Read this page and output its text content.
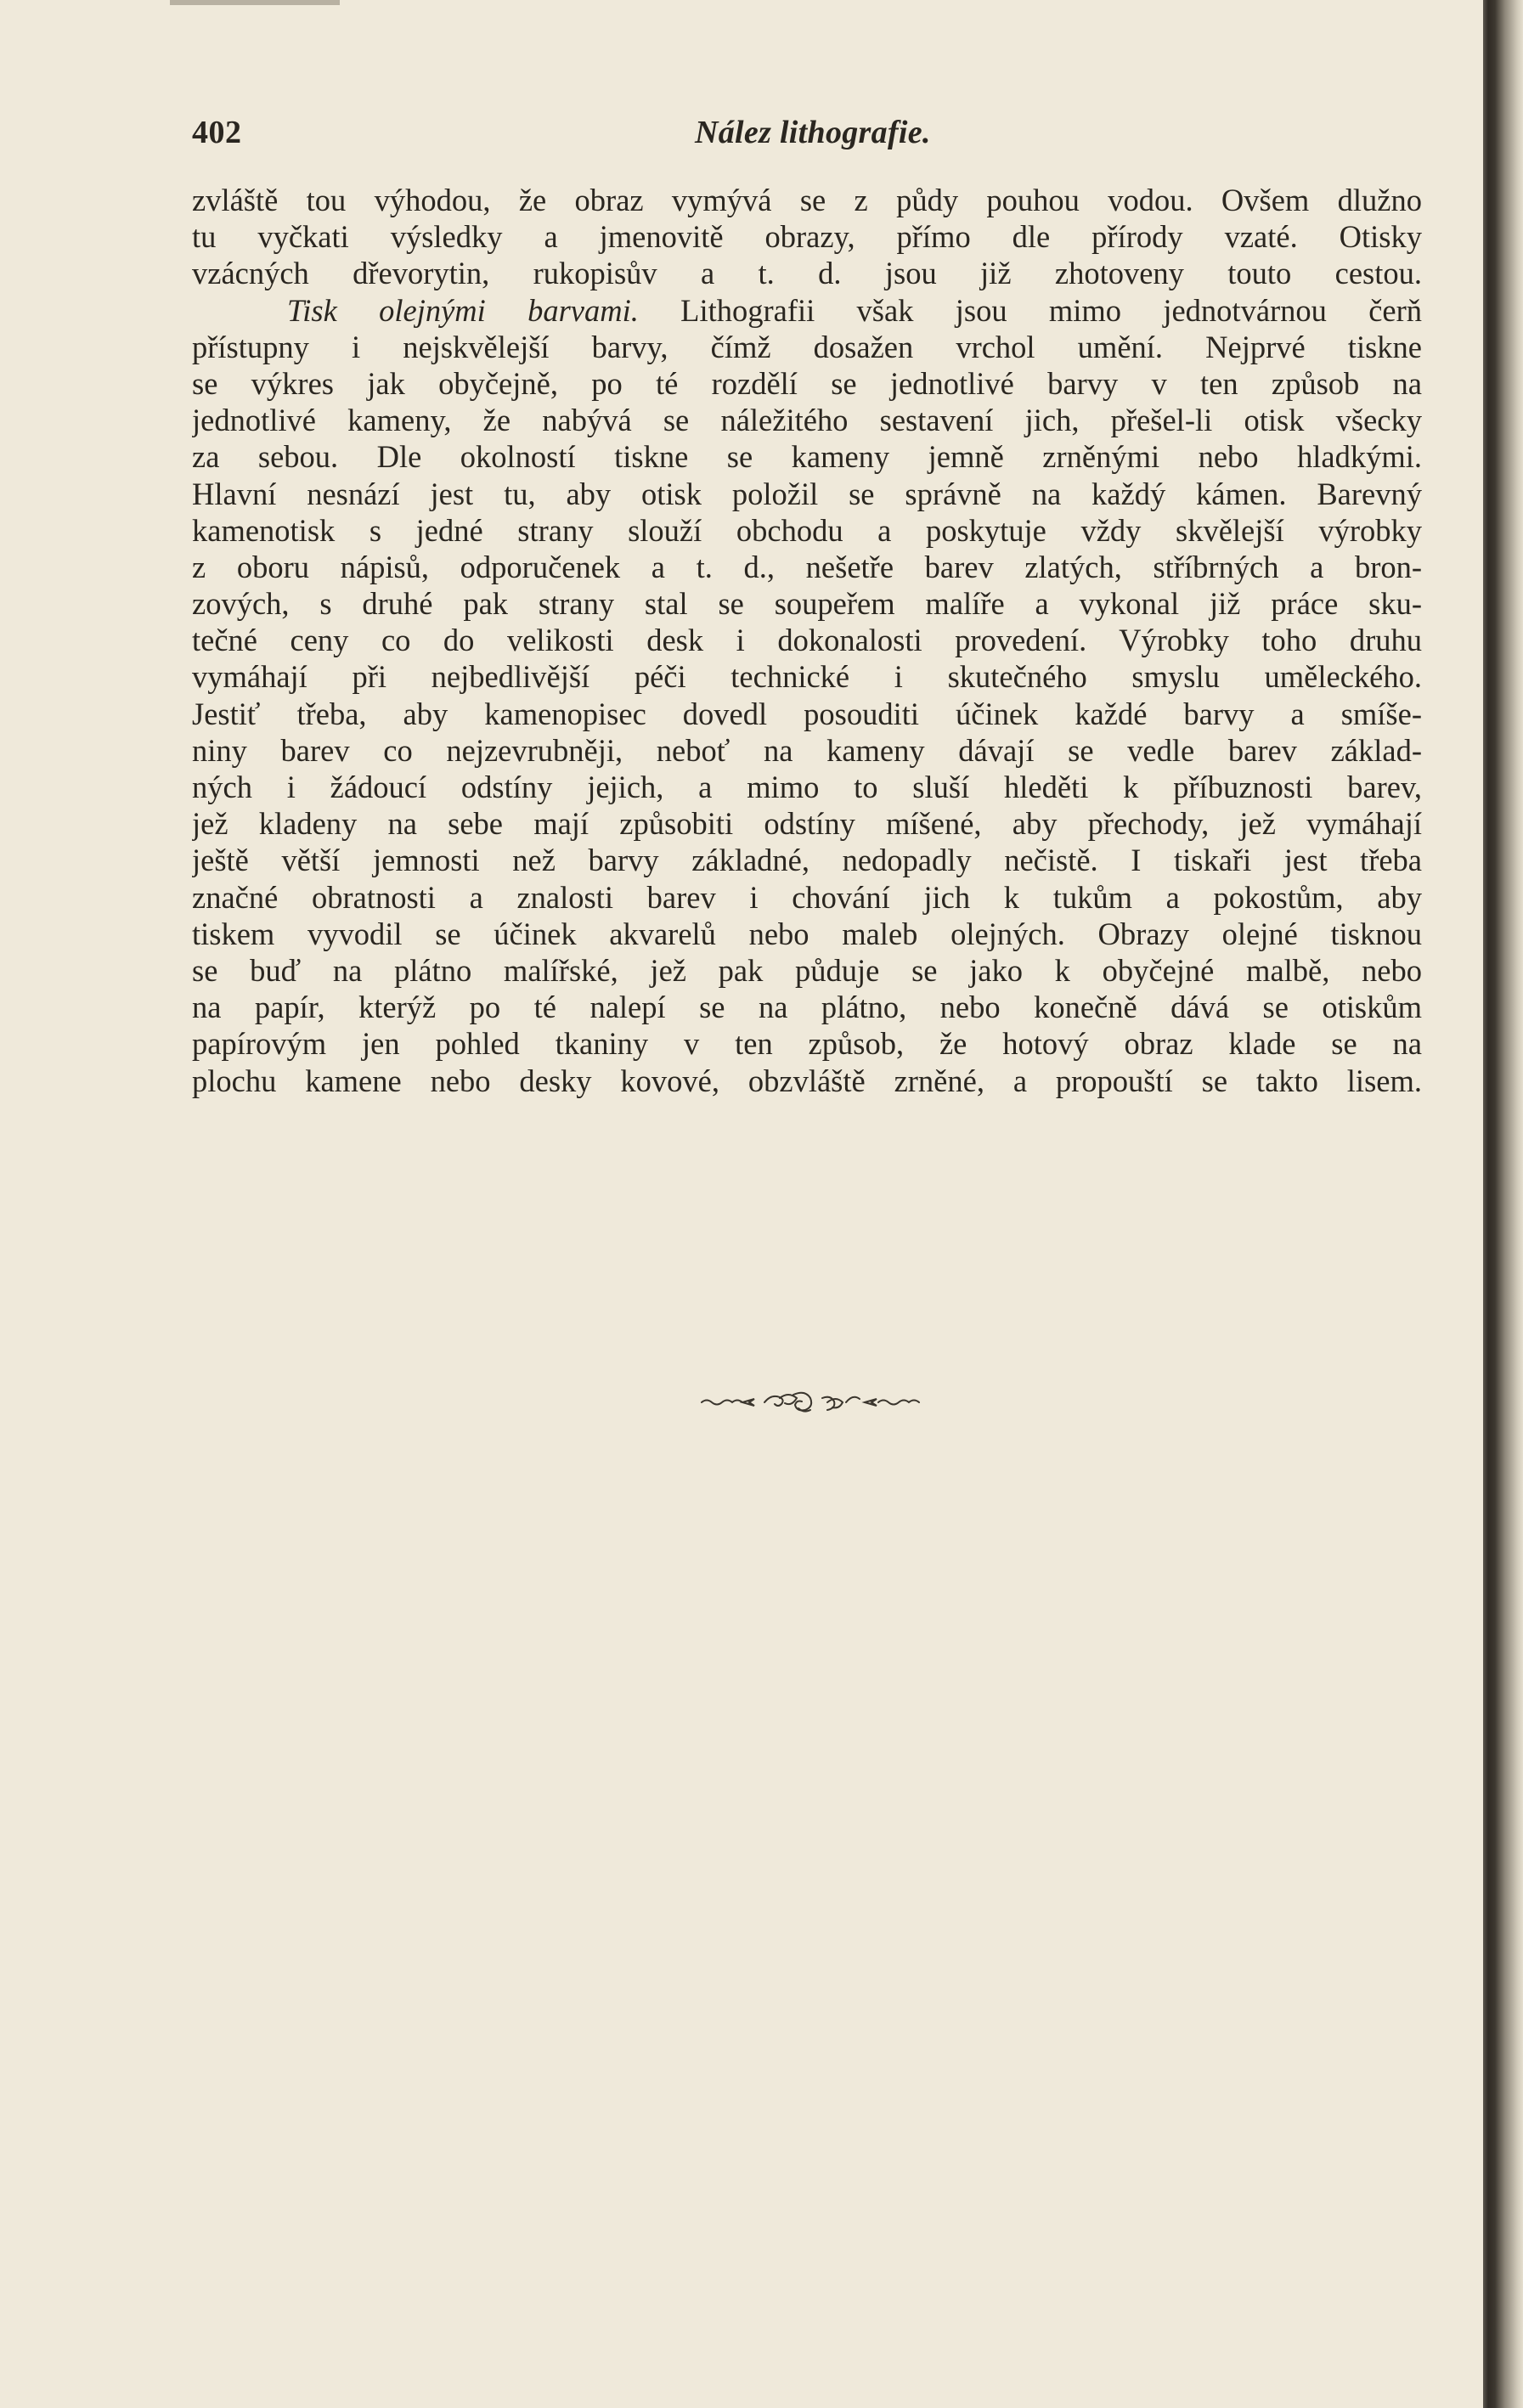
402	Nález lithografie.
zvláště tou výhodou, že obraz vymývá se z půdy pouhou vodou. Ovšem dlužno
tu vyčkati výsledky a jmenovitě obrazy, přímo dle přírody vzaté. Otisky
vzácných dřevorytin, rukopisův a t. d. jsou již zhotoveny touto cestou.
Tisk olejnými barvami. Lithografii však jsou mimo jednotvárnou čerň
přístupny i nejskvělejší barvy, čímž dosažen vrchol umění. Nejprvé tiskne
se výkres jak obyčejně, po té rozdělí se jednotlivé barvy v ten způsob na
jednotlivé kameny, že nabývá se náležitého sestavení jich, přešel-li otisk všecky
za sebou. Dle okolností tiskne se kameny jemně zrněnými nebo hladkými.
Hlavní nesnází jest tu, aby otisk položil se správně na každý kámen. Barevný
kamenotisk s jedné strany slouží obchodu a poskytuje vždy skvělejší výrobky
z oboru nápisů, odporučenek a t. d., nešetře barev zlatých, stříbrných a bron-
zových, s druhé pak strany stal se soupeřem malíře a vykonal již práce sku-
tečné ceny co do velikosti desk i dokonalosti provedení. Výrobky toho druhu
vymáhají při nejbedlivější péči technické i skutečného smyslu uměleckého.
Jestiť třeba, aby kamenopisec dovedl posouditi účinek každé barvy a smíše-
niny barev co nejzevrubněji, neboť na kameny dávají se vedle barev základ-
ných i žádoucí odstíny jejich, a mimo to sluší hleděti k příbuznosti barev,
jež kladeny na sebe mají způsobiti odstíny míšené, aby přechody, jež vymáhají
ještě větší jemnosti než barvy základné, nedopadly nečistě. I tiskaři jest třeba
značné obratnosti a znalosti barev i chování jich k tukům a pokostům, aby
tiskem vyvodil se účinek akvarelů nebo maleb olejných. Obrazy olejné tisknou
se buď na plátno malířské, jež pak půduje se jako k obyčejné malbě, nebo
na papír, kterýž po té nalepí se na plátno, nebo konečně dává se otiskům
papírovým jen pohled tkaniny v ten způsob, že hotový obraz klade se na
plochu kamene nebo desky kovové, obzvláště zrněné, a propouští se takto lisem.
